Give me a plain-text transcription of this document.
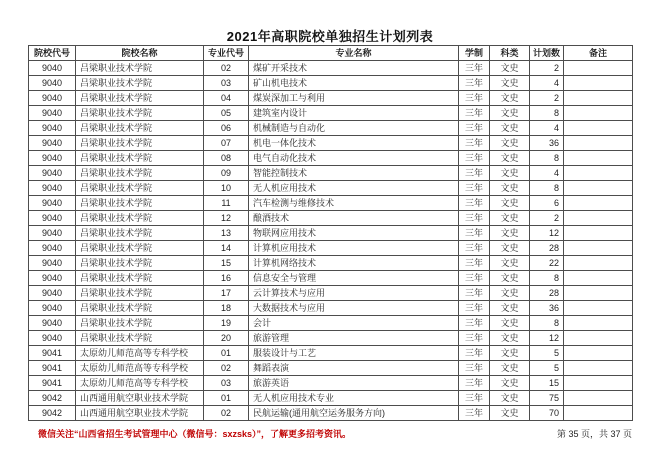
2021年高职院校单独招生计划列表
院校代号	院校名称	专业代号	专业名称	学制	科类	计划数	备注
9040	吕梁职业技术学院	02	煤矿开采技术	三年	文史	2	
9040	吕梁职业技术学院	03	矿山机电技术	三年	文史	4	
9040	吕梁职业技术学院	04	煤炭深加工与利用	三年	文史	2	
9040	吕梁职业技术学院	05	建筑室内设计	三年	文史	8	
9040	吕梁职业技术学院	06	机械制造与自动化	三年	文史	4	
9040	吕梁职业技术学院	07	机电一体化技术	三年	文史	36	
9040	吕梁职业技术学院	08	电气自动化技术	三年	文史	8	
9040	吕梁职业技术学院	09	智能控制技术	三年	文史	4	
9040	吕梁职业技术学院	10	无人机应用技术	三年	文史	8	
9040	吕梁职业技术学院	11	汽车检测与维修技术	三年	文史	6	
9040	吕梁职业技术学院	12	酿酒技术	三年	文史	2	
9040	吕梁职业技术学院	13	物联网应用技术	三年	文史	12	
9040	吕梁职业技术学院	14	计算机应用技术	三年	文史	28	
9040	吕梁职业技术学院	15	计算机网络技术	三年	文史	22	
9040	吕梁职业技术学院	16	信息安全与管理	三年	文史	8	
9040	吕梁职业技术学院	17	云计算技术与应用	三年	文史	28	
9040	吕梁职业技术学院	18	大数据技术与应用	三年	文史	36	
9040	吕梁职业技术学院	19	会计	三年	文史	8	
9040	吕梁职业技术学院	20	旅游管理	三年	文史	12	
9041	太原幼儿师范高等专科学校	01	服装设计与工艺	三年	文史	5	
9041	太原幼儿师范高等专科学校	02	舞蹈表演	三年	文史	5	
9041	太原幼儿师范高等专科学校	03	旅游英语	三年	文史	15	
9042	山西通用航空职业技术学院	01	无人机应用技术专业	三年	文史	75	
9042	山西通用航空职业技术学院	02	民航运输(通用航空运务服务方向)	三年	文史	70	
微信关注“山西省招生考试管理中心（微信号：sxzsks）”，了解更多招考资讯。	第 35 页，共 37 页
